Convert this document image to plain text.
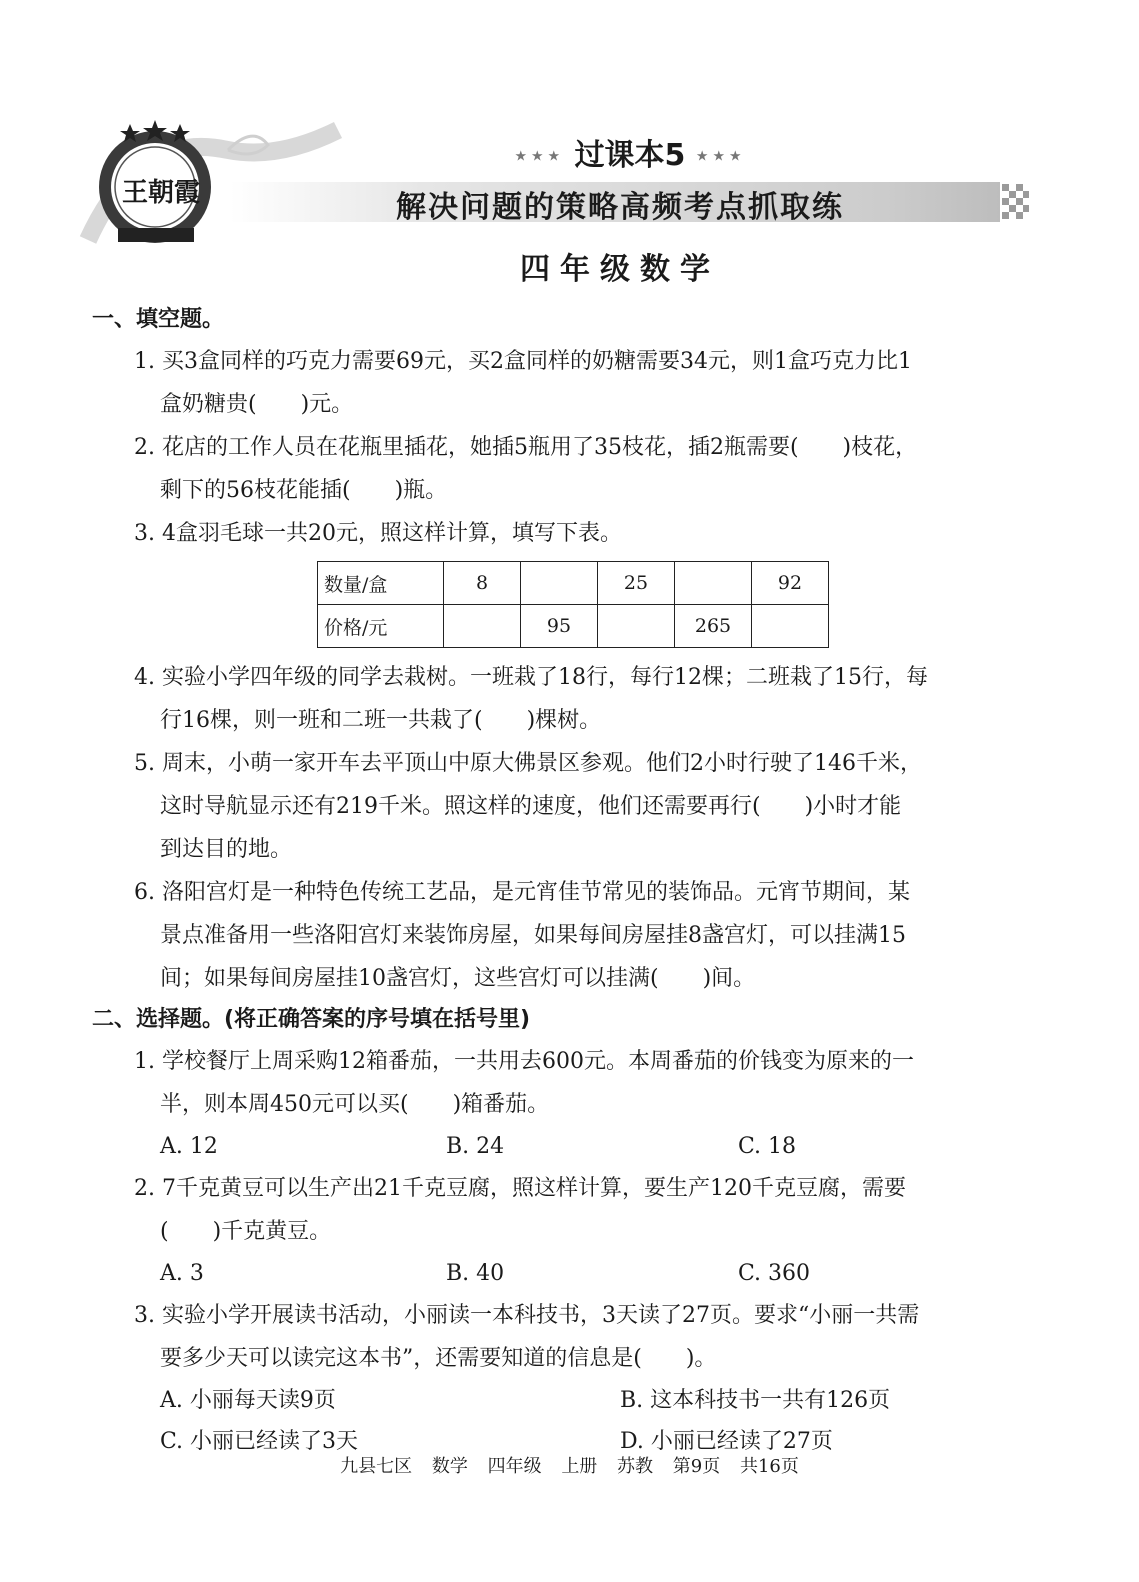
王朝霞
★★★ 过课本5 ★★★
解决问题的策略高频考点抓取练
四年级数学
一、填空题。
1. 买3盒同样的巧克力需要69元，买2盒同样的奶糖需要34元，则1盒巧克力比1
盒奶糖贵(　　)元。
2. 花店的工作人员在花瓶里插花，她插5瓶用了35枝花，插2瓶需要(　　)枝花，
剩下的56枝花能插(　　)瓶。
3. 4盒羽毛球一共20元，照这样计算，填写下表。
数量/盒	8		25		92
价格/元		95		265	
4. 实验小学四年级的同学去栽树。一班栽了18行，每行12棵；二班栽了15行，每
行16棵，则一班和二班一共栽了(　　)棵树。
5. 周末，小萌一家开车去平顶山中原大佛景区参观。他们2小时行驶了146千米，
这时导航显示还有219千米。照这样的速度，他们还需要再行(　　)小时才能
到达目的地。
6. 洛阳宫灯是一种特色传统工艺品，是元宵佳节常见的装饰品。元宵节期间，某
景点准备用一些洛阳宫灯来装饰房屋，如果每间房屋挂8盏宫灯，可以挂满15
间；如果每间房屋挂10盏宫灯，这些宫灯可以挂满(　　)间。
二、选择题。(将正确答案的序号填在括号里)
1. 学校餐厅上周采购12箱番茄，一共用去600元。本周番茄的价钱变为原来的一
半，则本周450元可以买(　　)箱番茄。
A. 12	B. 24	C. 18
2. 7千克黄豆可以生产出21千克豆腐，照这样计算，要生产120千克豆腐，需要
(　　)千克黄豆。
A. 3	B. 40	C. 360
3. 实验小学开展读书活动，小丽读一本科技书，3天读了27页。要求“小丽一共需
要多少天可以读完这本书”，还需要知道的信息是(　　)。
A. 小丽每天读9页	B. 这本科技书一共有126页
C. 小丽已经读了3天	D. 小丽已经读了27页
九县七区 数学 四年级 上册 苏教 第9页 共16页
